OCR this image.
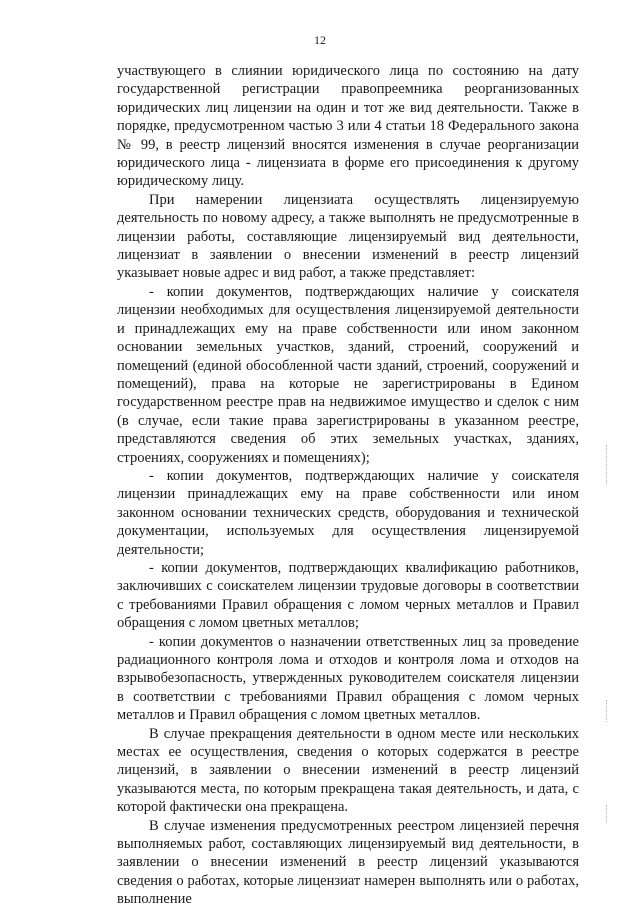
12

участвующего в слиянии юридического лица по состоянию на дату государственной регистрации правопреемника реорганизованных юридических лиц лицензии на один и тот же вид деятельности. Также в порядке, предусмотренном частью 3 или 4 статьи 18 Федерального закона № 99, в реестр лицензий вносятся изменения в случае реорганизации юридического лица - лицензиата в форме его присоединения к другому юридическому лицу.

При намерении лицензиата осуществлять лицензируемую деятельность по новому адресу, а также выполнять не предусмотренные в лицензии работы, составляющие лицензируемый вид деятельности, лицензиат в заявлении о внесении изменений в реестр лицензий указывает новые адрес и вид работ, а также представляет:

- копии документов, подтверждающих наличие у соискателя лицензии необходимых для осуществления лицензируемой деятельности и принадлежащих ему на праве собственности или ином законном основании земельных участков, зданий, строений, сооружений и помещений (единой обособленной части зданий, строений, сооружений и помещений), права на которые не зарегистрированы в Едином государственном реестре прав на недвижимое имущество и сделок с ним (в случае, если такие права зарегистрированы в указанном реестре, представляются сведения об этих земельных участках, зданиях, строениях, сооружениях и помещениях);

- копии документов, подтверждающих наличие у соискателя лицензии принадлежащих ему на праве собственности или ином законном основании технических средств, оборудования и технической документации, используемых для осуществления лицензируемой деятельности;

- копии документов, подтверждающих квалификацию работников, заключивших с соискателем лицензии трудовые договоры в соответствии с требованиями Правил обращения с ломом черных металлов и Правил обращения с ломом цветных металлов;

- копии документов о назначении ответственных лиц за проведение радиационного контроля лома и отходов и контроля лома и отходов на взрывобезопасность, утвержденных руководителем соискателя лицензии в соответствии с требованиями Правил обращения с ломом черных металлов и Правил обращения с ломом цветных металлов.

В случае прекращения деятельности в одном месте или нескольких местах ее осуществления, сведения о которых содержатся в реестре лицензий, в заявлении о внесении изменений в реестр лицензий указываются места, по которым прекращена такая деятельность, и дата, с которой фактически она прекращена.

В случае изменения предусмотренных реестром лицензией перечня выполняемых работ, составляющих лицензируемый вид деятельности, в заявлении о внесении изменений в реестр лицензий указываются сведения о работах, которые лицензиат намерен выполнять или о работах, выполнение
